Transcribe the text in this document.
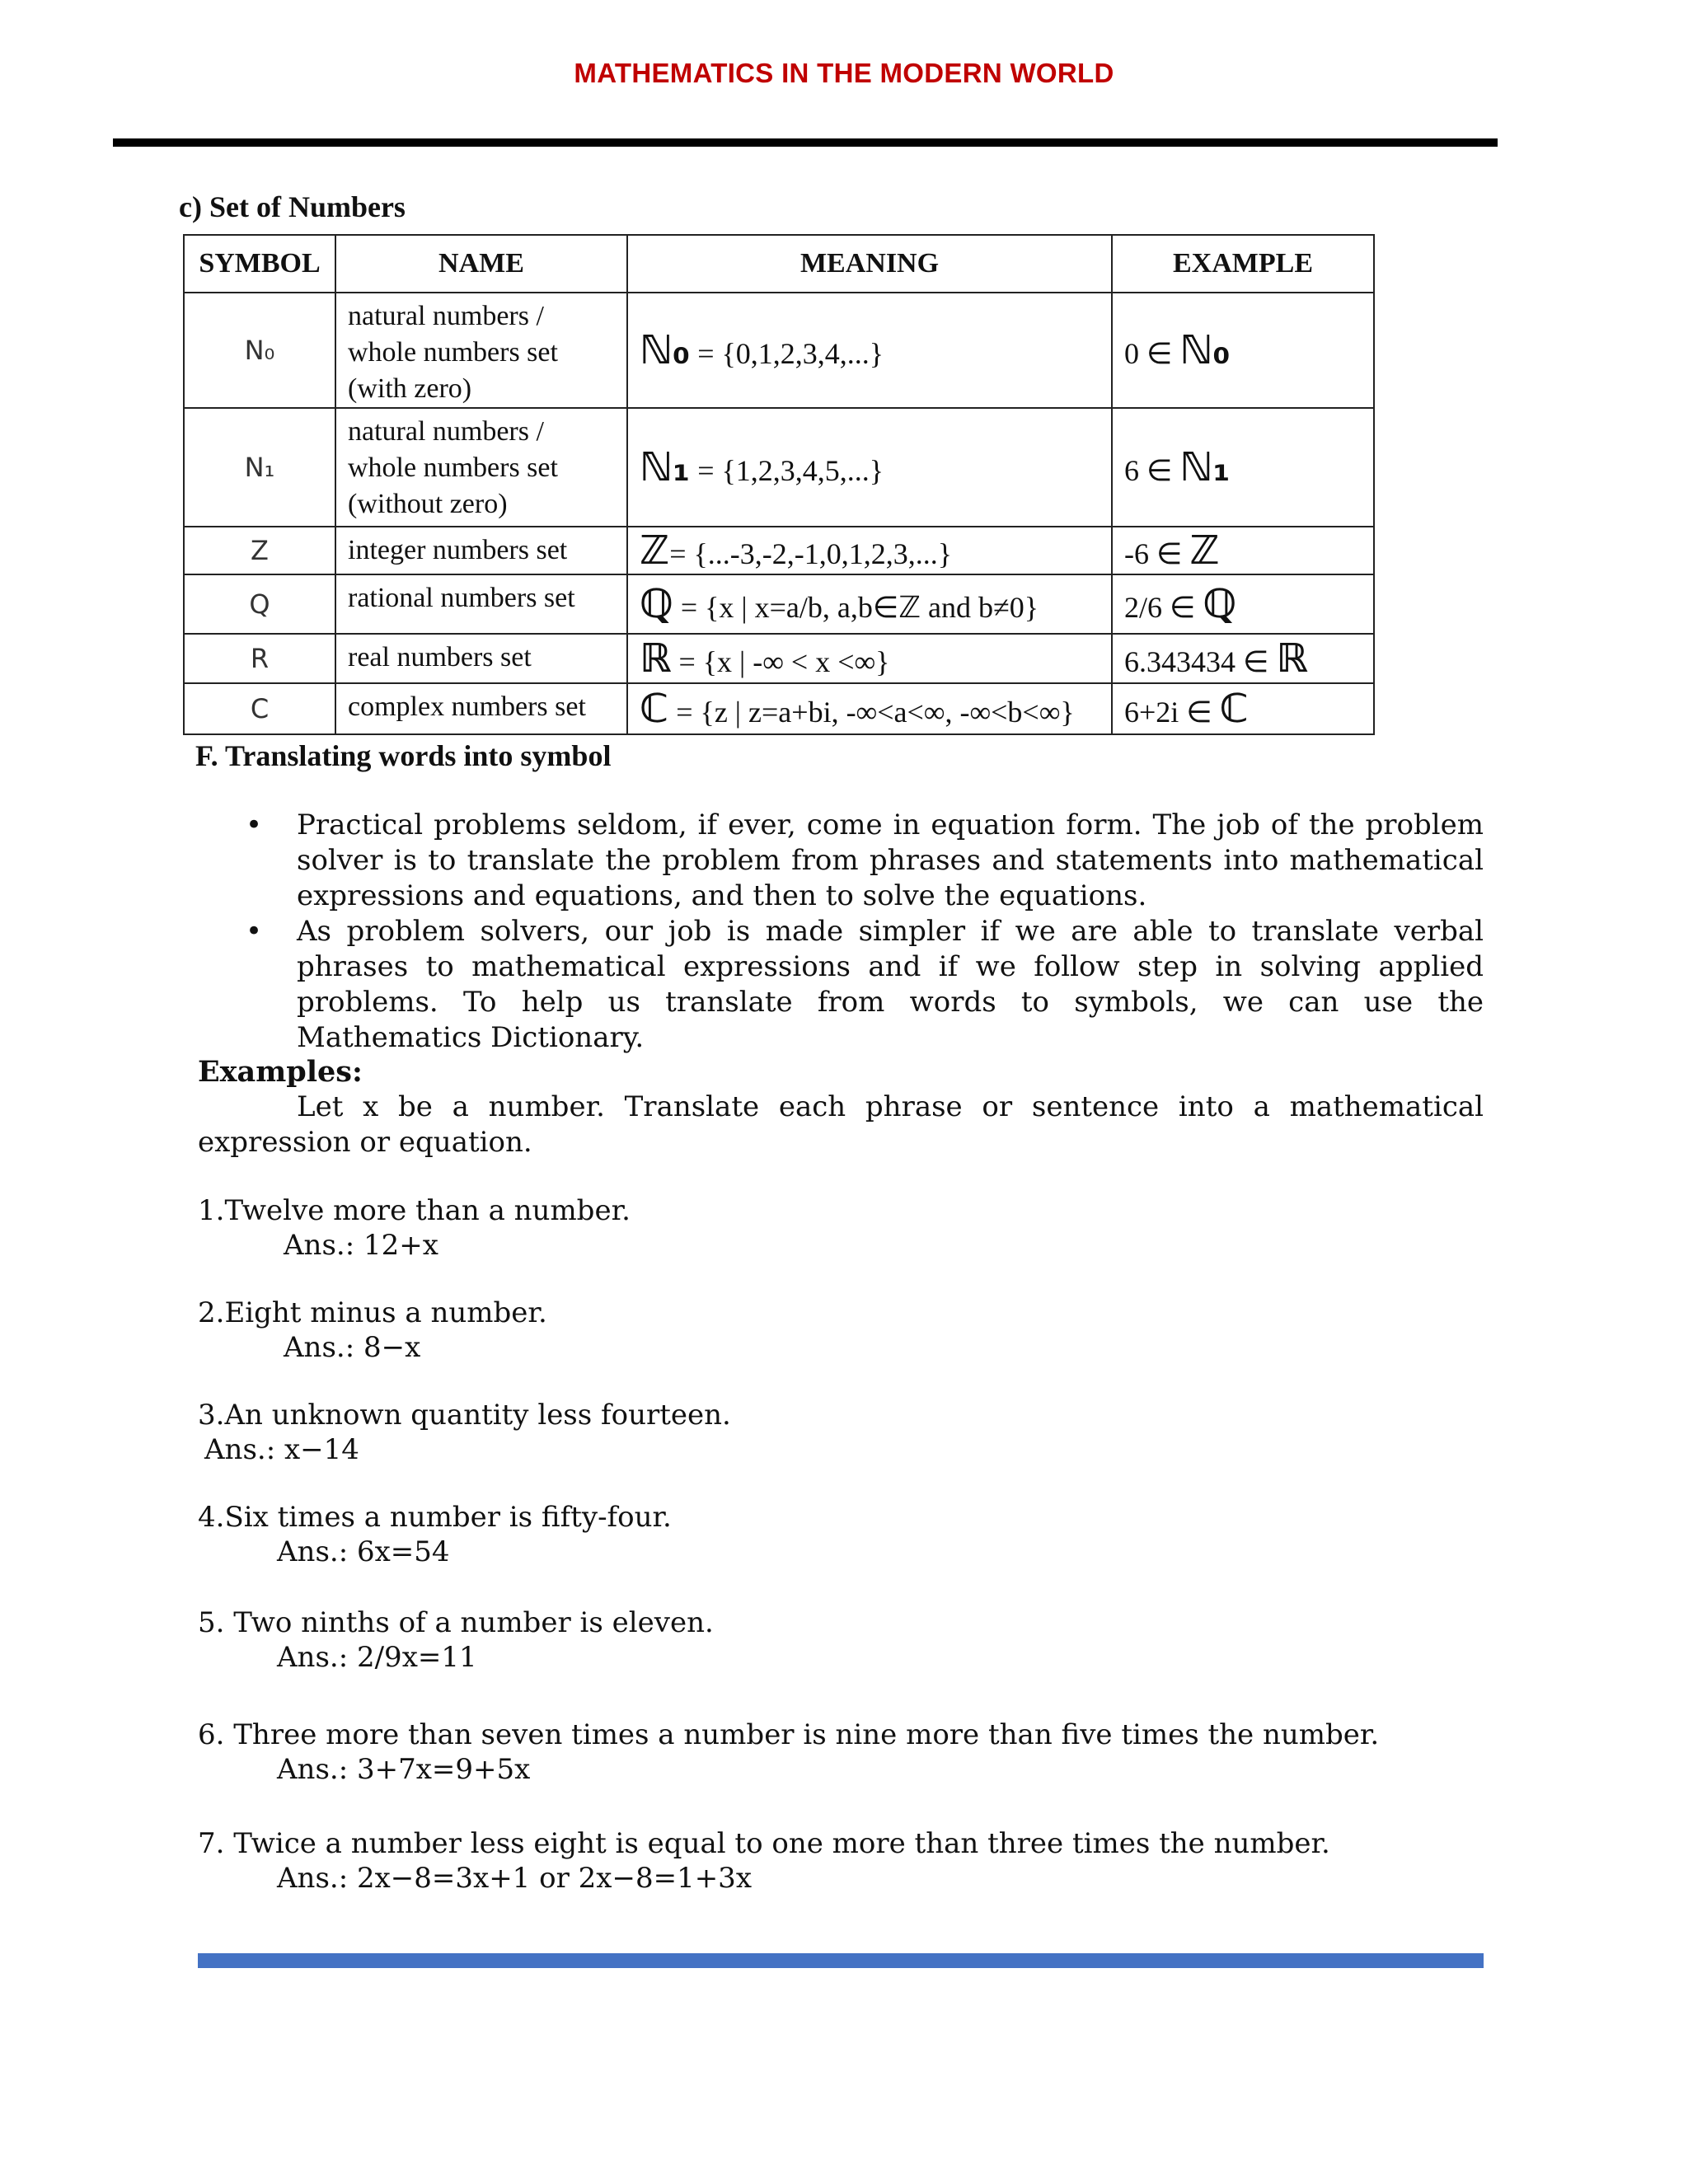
MATHEMATICS IN THE MODERN WORLD
c) Set of Numbers
SYMBOL	NAME	MEANING	EXAMPLE
N₀	natural numbers / whole numbers set (with zero)	ℕ₀ = {0,1,2,3,4,...}	0 ∈ ℕ₀
N₁	natural numbers / whole numbers set (without zero)	ℕ₁ = {1,2,3,4,5,...}	6 ∈ ℕ₁
Z	integer numbers set	ℤ= {...-3,-2,-1,0,1,2,3,...}	-6 ∈ ℤ
Q	rational numbers set	ℚ = {x | x=a/b, a,b∈ℤ and b≠0}	2/6 ∈ ℚ
R	real numbers set	ℝ = {x | -∞ < x <∞}	6.343434 ∈ ℝ
C	complex numbers set	ℂ = {z | z=a+bi, -∞<a<∞, -∞<b<∞}	6+2i ∈ ℂ
F. Translating words into symbol
• Practical problems seldom, if ever, come in equation form. The job of the problem solver is to translate the problem from phrases and statements into mathematical expressions and equations, and then to solve the equations.
• As problem solvers, our job is made simpler if we are able to translate verbal phrases to mathematical expressions and if we follow step in solving applied problems. To help us translate from words to symbols, we can use the Mathematics Dictionary.
Examples:
Let x be a number. Translate each phrase or sentence into a mathematical expression or equation.
1.Twelve more than a number.
Ans.: 12+x
2.Eight minus a number.
Ans.: 8−x
3.An unknown quantity less fourteen.
Ans.: x−14
4.Six times a number is fifty-four.
Ans.: 6x=54
5. Two ninths of a number is eleven.
Ans.: 2/9x=11
6. Three more than seven times a number is nine more than five times the number.
Ans.: 3+7x=9+5x
7. Twice a number less eight is equal to one more than three times the number.
Ans.: 2x−8=3x+1 or 2x−8=1+3x
